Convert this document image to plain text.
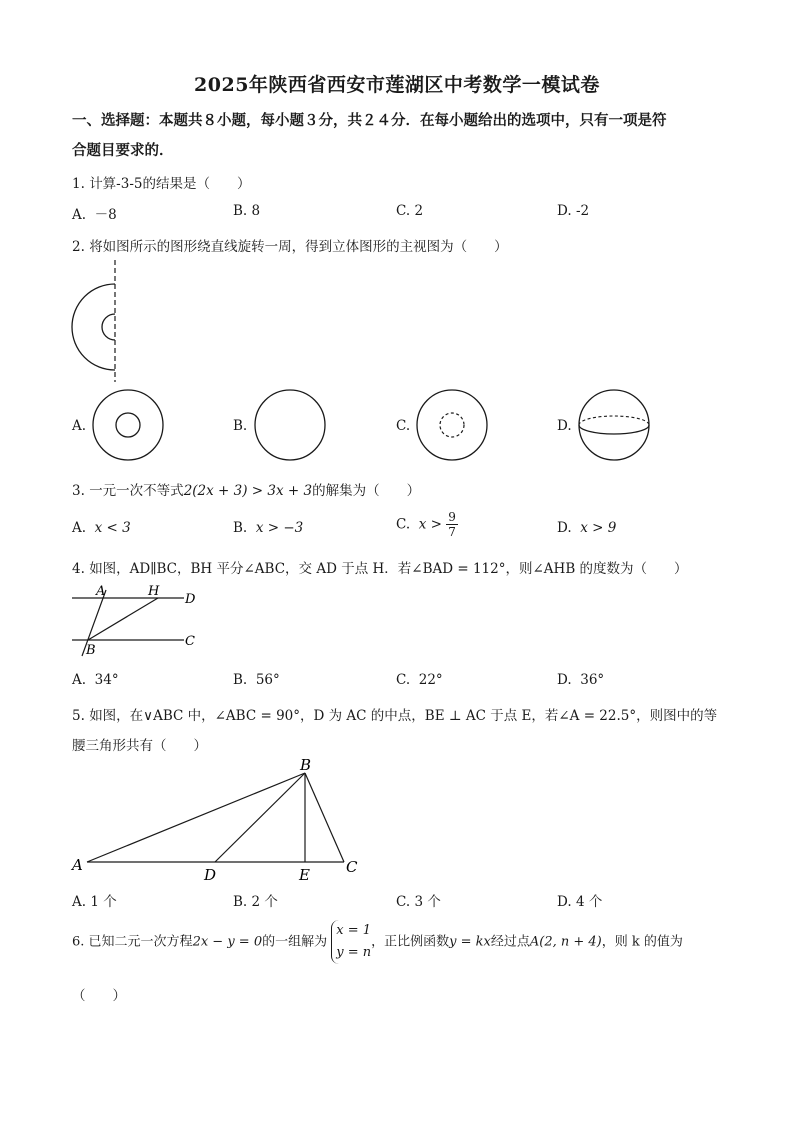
2025年陕西省西安市莲湖区中考数学一模试卷
一、选择题：本题共８小题，每小题３分，共２４分．在每小题给出的选项中，只有一项是符
合题目要求的．
1. 计算-3-5的结果是（　　）
A. －8	B. 8	C. 2	D. -2
2. 将如图所示的图形绕直线旋转一周，得到立体图形的主视图为（　　）
A.	B.	C.	D.
3. 一元一次不等式2(2x + 3) > 3x + 3的解集为（　　）
A. x < 3	B. x > −3	C. $x > \frac{9}{7}$	D. x > 9
4. 如图，AD∥BC，BH 平分∠ABC，交 AD 于点 H．若∠BAD = 112°，则∠AHB 的度数为（　　）
A	H
D
B
C
A. 34°	B. 56°	C. 22°	D. 36°
5. 如图，在∨ABC 中，∠ABC = 90°，D 为 AC 的中点，BE ⊥ AC 于点 E，若∠A = 22.5°，则图中的等
腰三角形共有（　　）
A
B
C
D	E
A. 1 个	B. 2 个	C. 3 个	D. 4 个
6. 已知二元一次方程2x − y = 0的一组解为
x = 1
y = n
，正比例函数y = kx经过点A(2, n + 4)，则 k 的值为
（　　）
